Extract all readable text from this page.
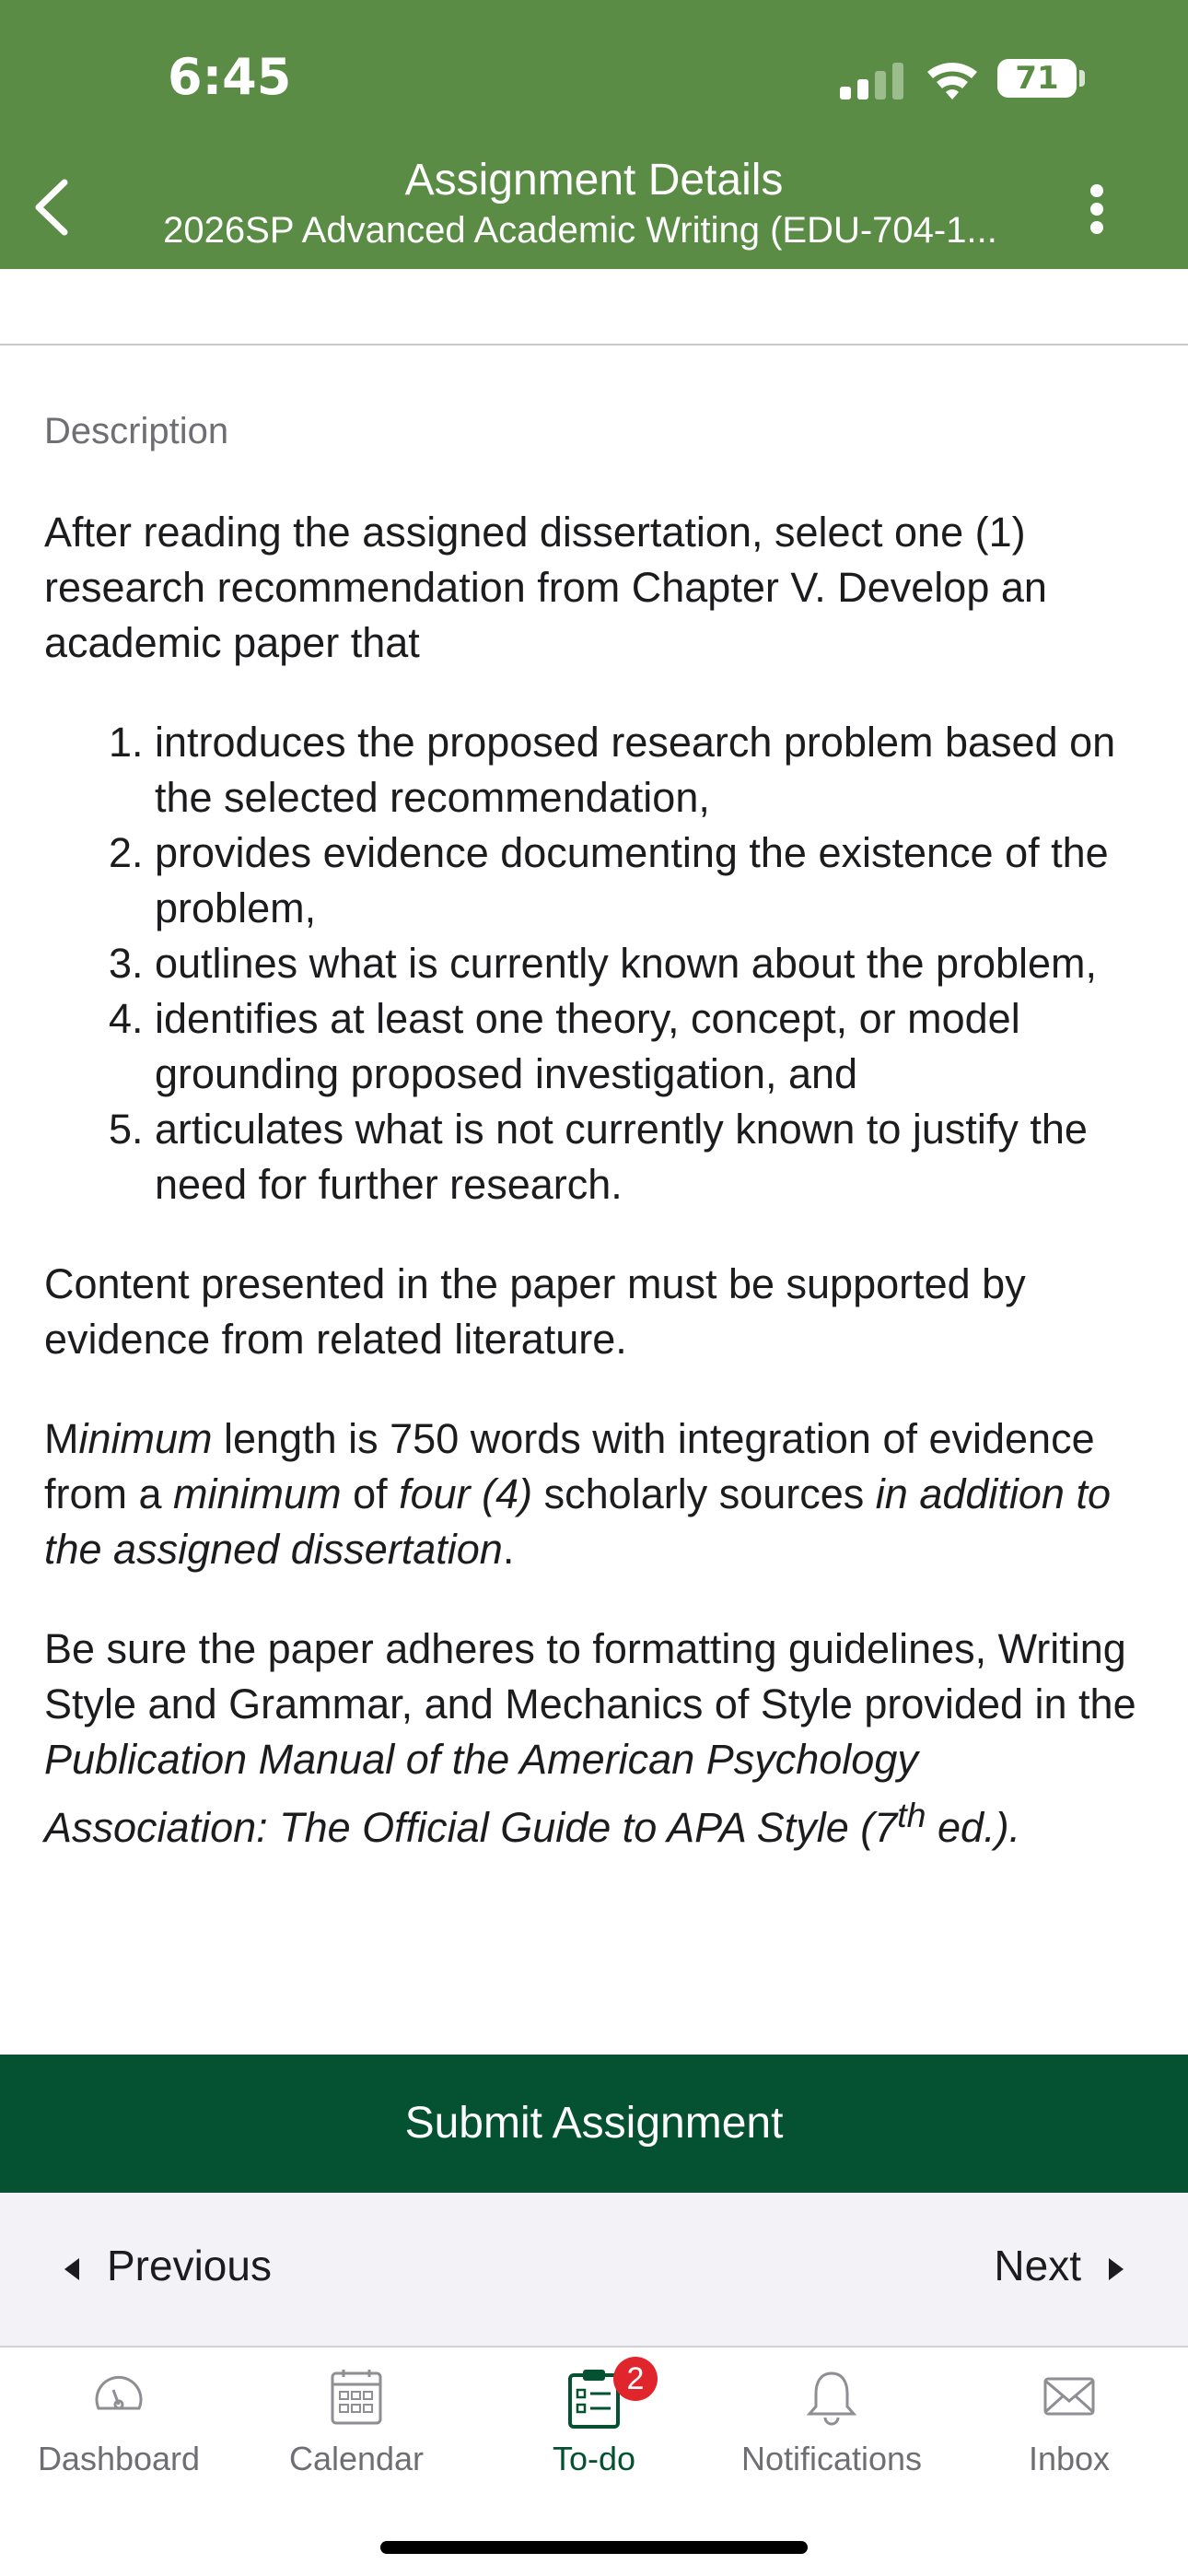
6:45	71
Assignment Details
2026SP Advanced Academic Writing (EDU-704-1...
Description

After reading the assigned dissertation, select one (1) research recommendation from Chapter V. Develop an academic paper that

1. introduces the proposed research problem based on the selected recommendation,
2. provides evidence documenting the existence of the problem,
3. outlines what is currently known about the problem,
4. identifies at least one theory, concept, or model grounding proposed investigation, and
5. articulates what is not currently known to justify the need for further research.

Content presented in the paper must be supported by evidence from related literature.

Minimum length is 750 words with integration of evidence from a minimum of four (4) scholarly sources in addition to the assigned dissertation.

Be sure the paper adheres to formatting guidelines, Writing Style and Grammar, and Mechanics of Style provided in the Publication Manual of the American Psychology Association: The Official Guide to APA Style (7th ed.).

Submit Assignment
Previous	Next
Dashboard	Calendar
2
To-do	Notifications	Inbox
